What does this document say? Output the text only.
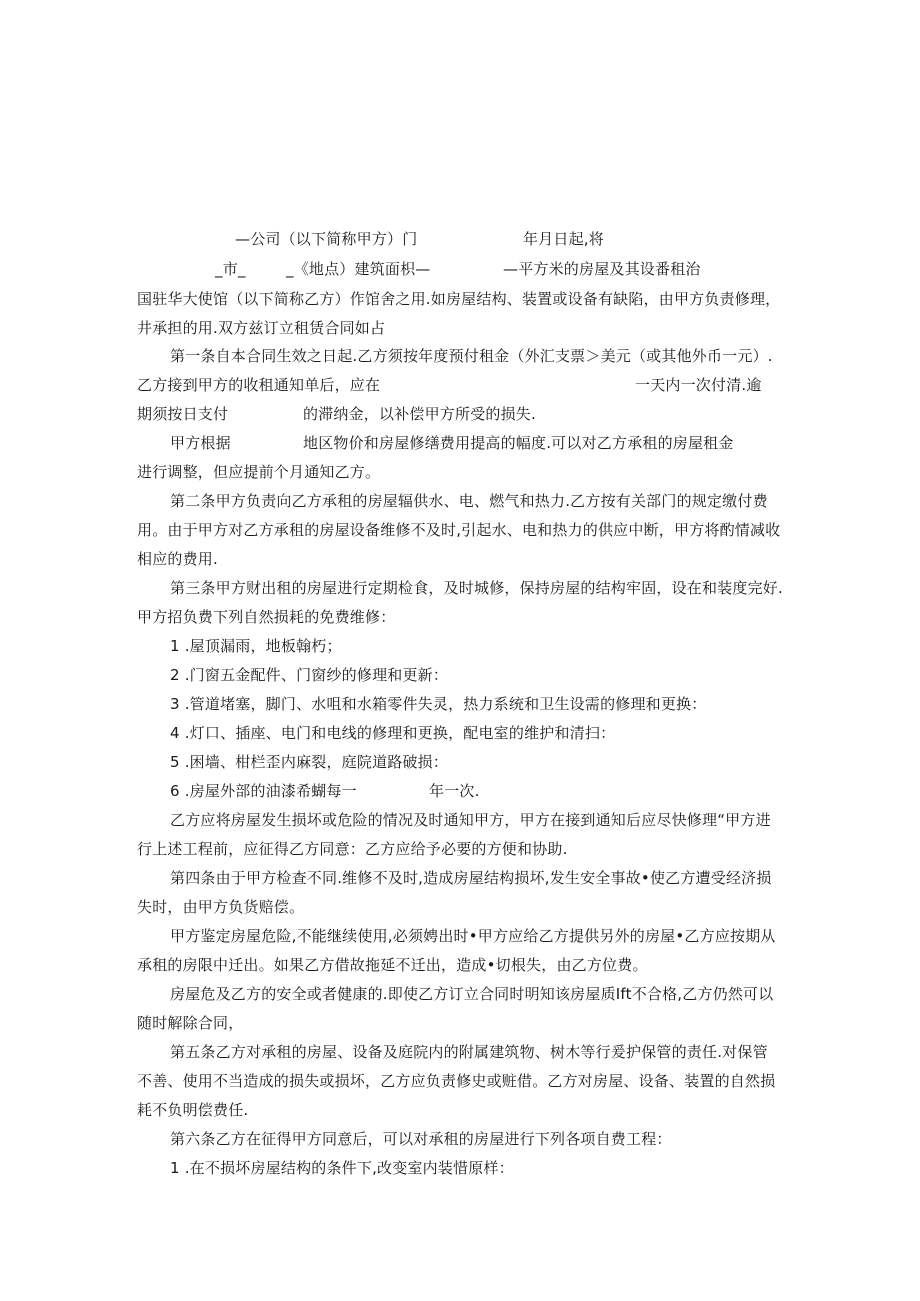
—公司（以下简称甲方）门	年月日起,将
_市_	_《地点）建筑面枳—	—平方米的房屋及其设番租治
国驻华大使馆（以下简称乙方）作馆舍之用.如房屋结构、装置或设备有缺陷，由甲方负责修理，
井承担的用.双方兹订立租赁合同如占
第一条自本合同生效之日起.乙方须按年度预付租金（外汇支票＞美元（或其他外币一元）.
乙方接到甲方的收租通知单后，应在	一天内一次付清.逾
期须按日支付	的滞纳金，以补偿甲方所受的损失.
甲方根据	地区物价和房屋修缮费用提高的幅度.可以对乙方承租的房屋租金
进行调整，但应提前个月通知乙方。
第二条甲方负责向乙方承租的房屋辐供水、电、燃气和热力.乙方按有关部门的规定缴付费
用。由于甲方对乙方承租的房屋设备维修不及时,引起水、电和热力的供应中断，甲方将酌情减收
相应的费用.
第三条甲方财出租的房屋进行定期检食，及时城修，保持房屋的结构牢固，设在和装度完好.
甲方招负费下列自然损耗的免费维修：
1 .屋顶漏雨，地板翰朽；
2 .门窗五金配件、门窗纱的修理和更新：
3 .管道堵塞，脚门、水咀和水箱零件失灵，热力系统和卫生设需的修理和更换：
4 .灯口、插座、电门和电线的修理和更换，配电室的维护和清扫：
5 .困墙、柑栏歪内麻裂，庭院道路破损：
6 .房屋外部的油漆希蝴每一	年一次.
乙方应将房屋发生损坏或危险的情况及时通知甲方，甲方在接到通知后应尽快修理“甲方进
行上述工程前，应征得乙方同意：乙方应给予必要的方便和协助.
第四条由于甲方检查不同.维修不及时,造成房屋结构损坏,发生安全事故•使乙方遭受经济损
失时，由甲方负货赔偿。
甲方鉴定房屋危险,不能继续使用,必须娉出时•甲方应给乙方提供另外的房屋•乙方应按期从
承租的房限中迁出。如果乙方借故拖延不迁出，造成•切根失，由乙方位费。
房屋危及乙方的安全或者健康的.即使乙方订立合同时明知该房屋质Ift不合格,乙方仍然可以
随时解除合同，
第五条乙方对承租的房屋、设备及庭院内的附属建筑物、树木等行爰护保管的责任.对保管
不善、使用不当造成的损失或损坏，乙方应负责修史或赃借。乙方对房屋、设备、装置的自然损
耗不负明偿费任.
第六条乙方在征得甲方同意后，可以对承租的房屋进行下列各项自费工程：
1 .在不损坏房屋结构的条件下,改变室内装惜原样：
